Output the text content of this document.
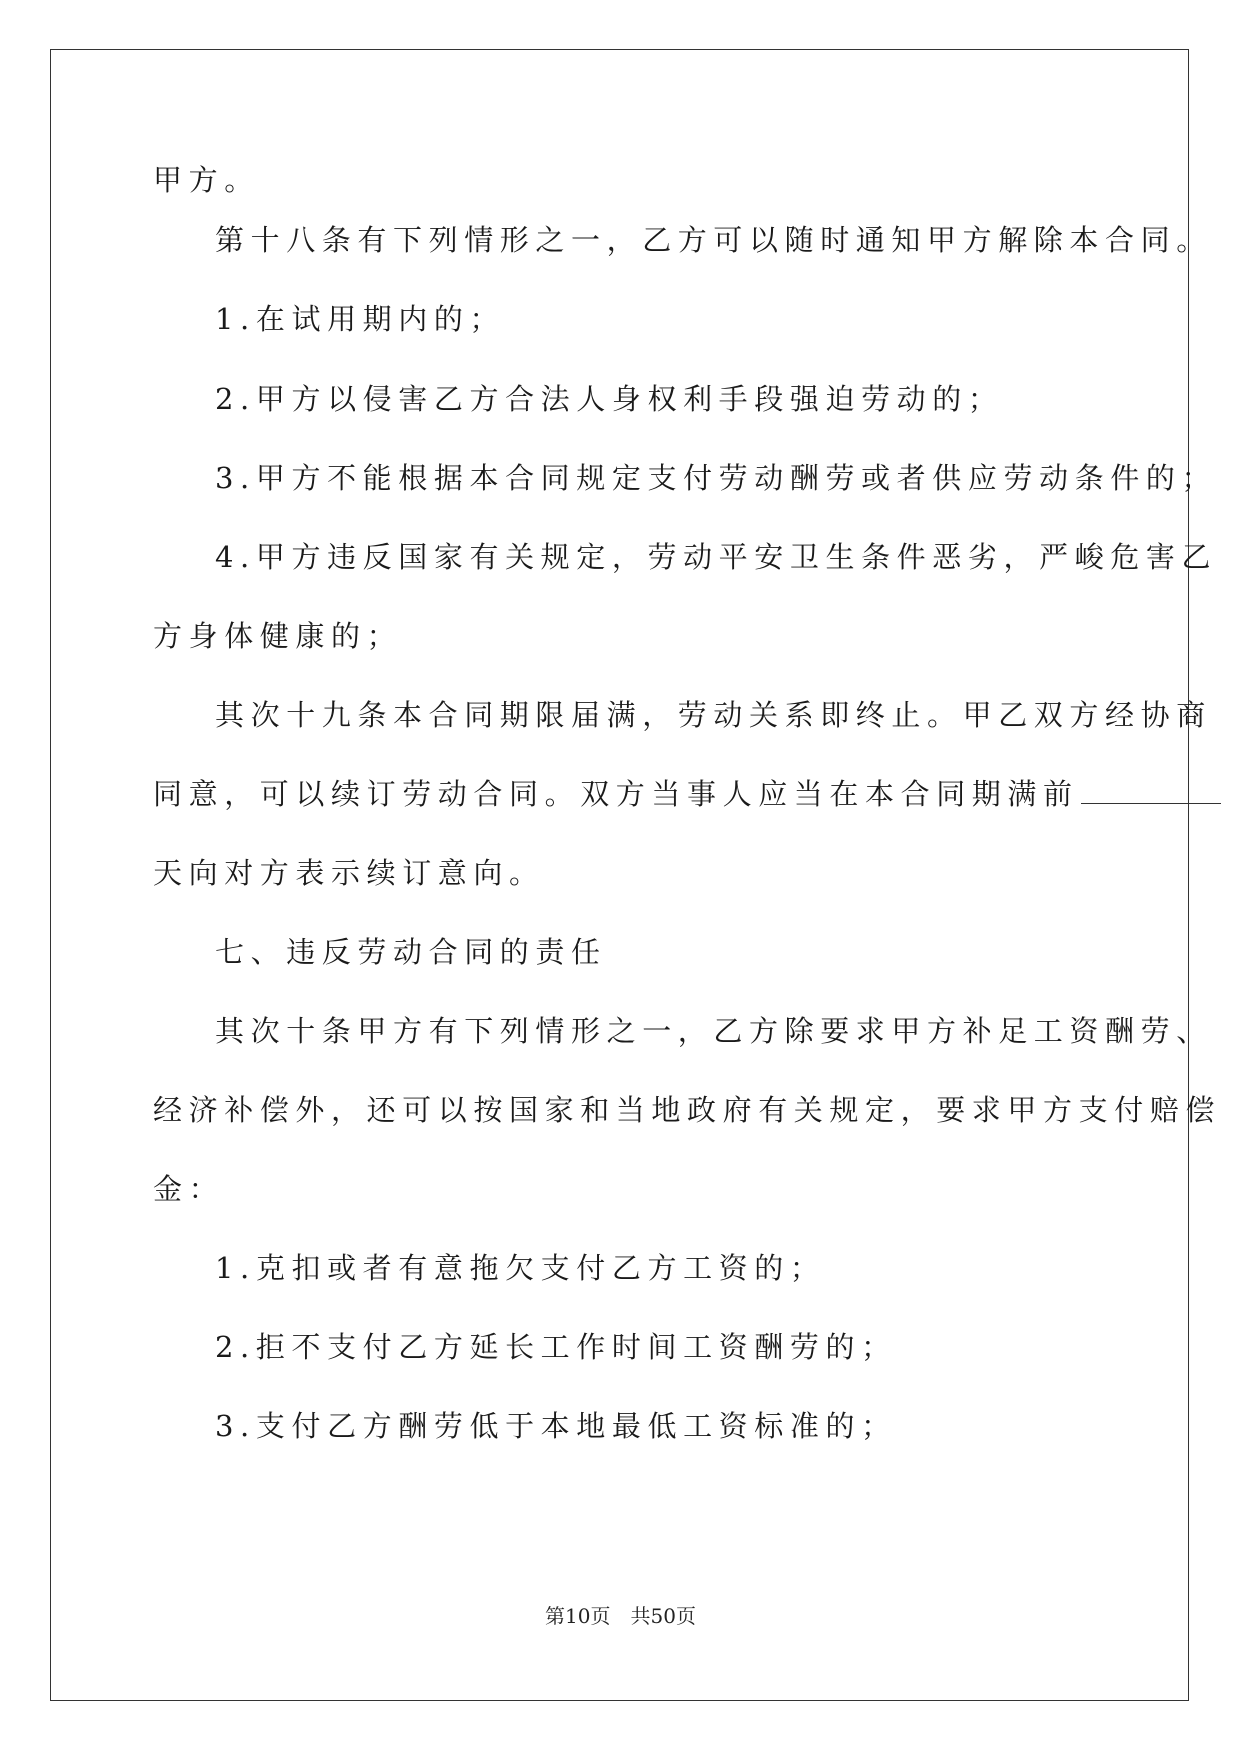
甲方。
第十八条有下列情形之一，乙方可以随时通知甲方解除本合同。
1.在试用期内的；
2.甲方以侵害乙方合法人身权利手段强迫劳动的；
3.甲方不能根据本合同规定支付劳动酬劳或者供应劳动条件的；
4.甲方违反国家有关规定，劳动平安卫生条件恶劣，严峻危害乙
方身体健康的；
其次十九条本合同期限届满，劳动关系即终止。甲乙双方经协商
同意，可以续订劳动合同。双方当事人应当在本合同期满前
天向对方表示续订意向。
七、违反劳动合同的责任
其次十条甲方有下列情形之一，乙方除要求甲方补足工资酬劳、
经济补偿外，还可以按国家和当地政府有关规定，要求甲方支付赔偿
金：
1.克扣或者有意拖欠支付乙方工资的；
2.拒不支付乙方延长工作时间工资酬劳的；
3.支付乙方酬劳低于本地最低工资标准的；
第10页　共50页
